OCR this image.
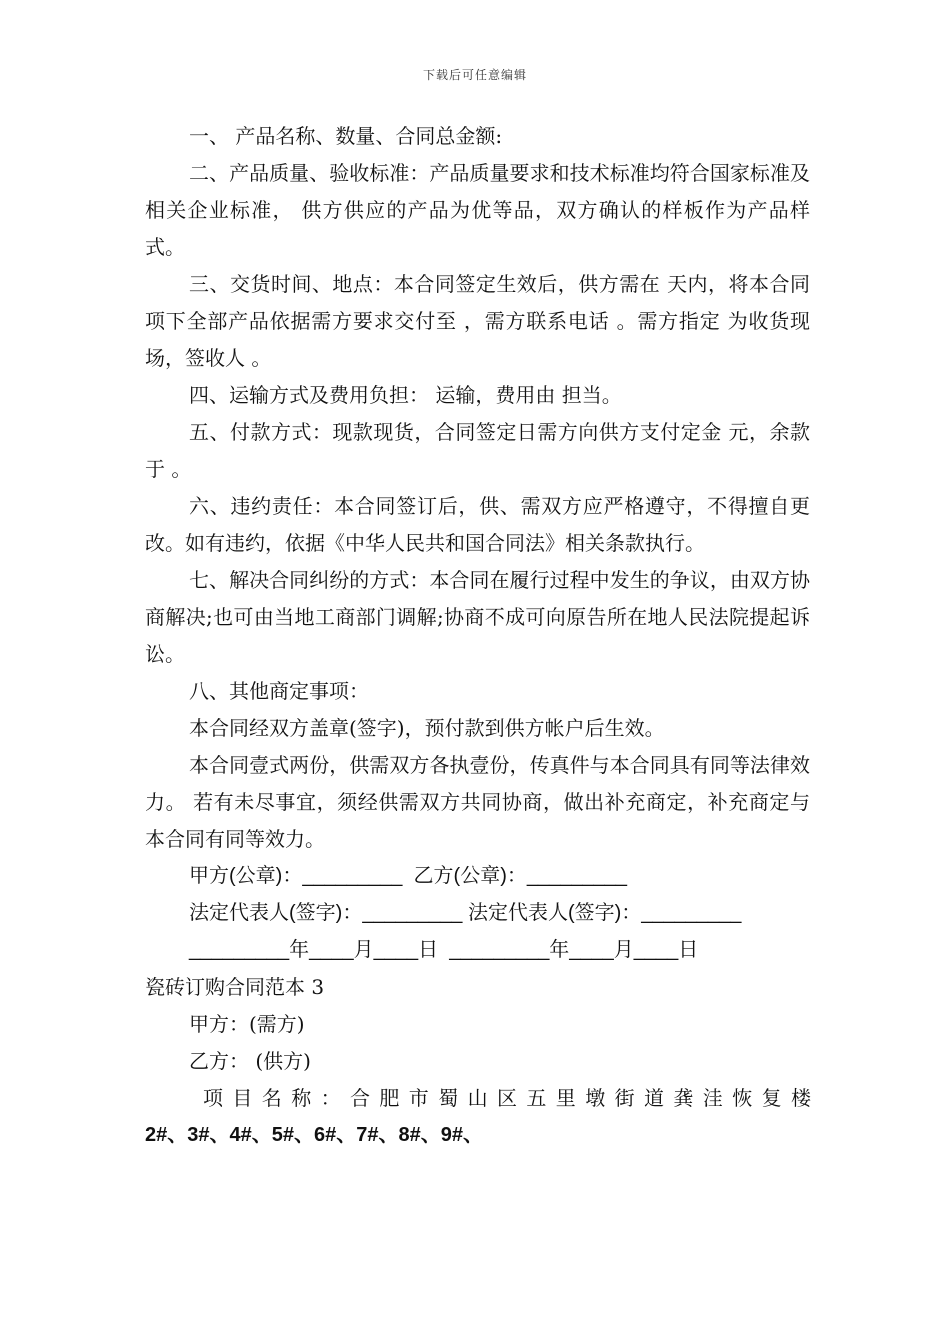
下载后可任意编辑

一、 产品名称、数量、合同总金额:

二、产品质量、验收标准：产品质量要求和技术标准均符合国家标准及相关企业标准， 供方供应的产品为优等品，双方确认的样板作为产品样式。

三、交货时间、地点：本合同签定生效后，供方需在 天内，将本合同项下全部产品依据需方要求交付至 ，需方联系电话 。需方指定 为收货现场，签收人 。

四、运输方式及费用负担： 运输，费用由 担当。

五、付款方式：现款现货，合同签定日需方向供方支付定金 元，余款于 。

六、违约责任：本合同签订后，供、需双方应严格遵守，不得擅自更改。如有违约，依据《中华人民共和国合同法》相关条款执行。

七、解决合同纠纷的方式：本合同在履行过程中发生的争议，由双方协商解决;也可由当地工商部门调解;协商不成可向原告所在地人民法院提起诉讼。

八、其他商定事项：

本合同经双方盖章(签字)，预付款到供方帐户后生效。

本合同壹式两份，供需双方各执壹份，传真件与本合同具有同等法律效力。 若有未尽事宜，须经供需双方共同协商，做出补充商定，补充商定与本合同有同等效力。

甲方(公章)：_________  乙方(公章)：_________

法定代表人(签字)：_________ 法定代表人(签字)：_________

_________年____月____日  _________年____月____日

瓷砖订购合同范本 3

甲方：(需方)

乙方： (供方)

项目名称：合肥市蜀山区五里墩街道龚洼恢复楼

2#、3#、4#、5#、6#、7#、8#、9#、
